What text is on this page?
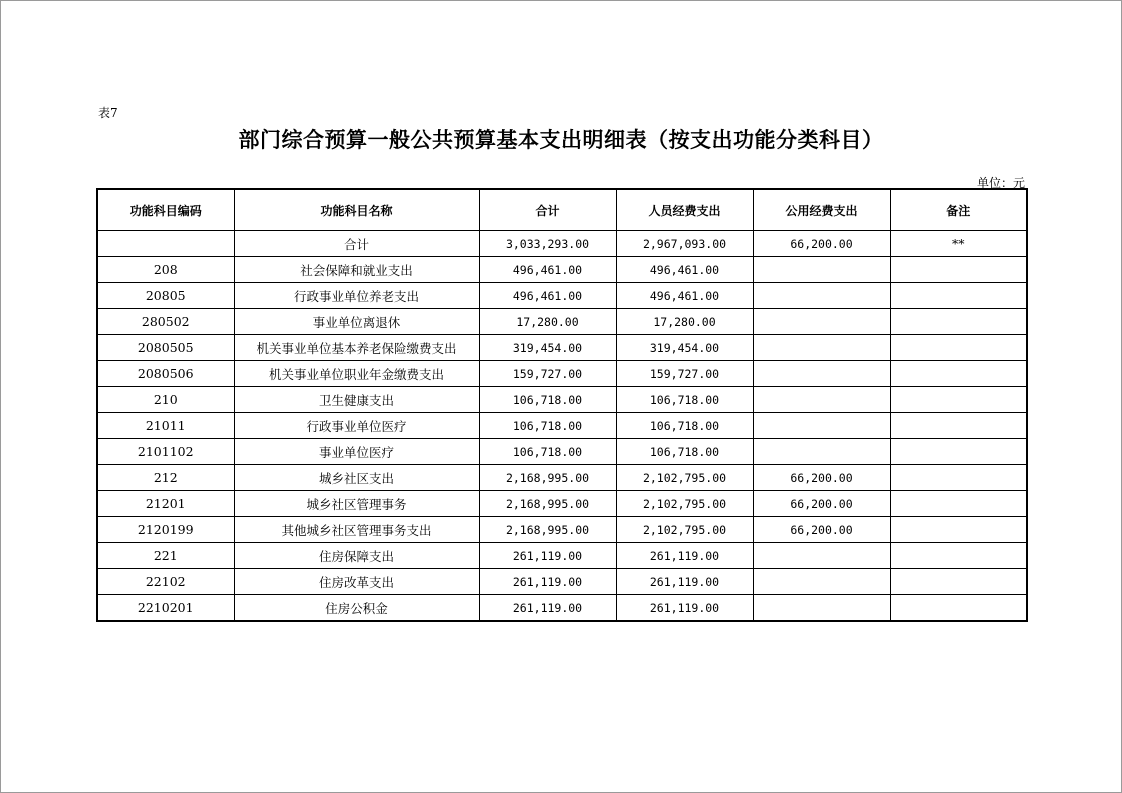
表7
部门综合预算一般公共预算基本支出明细表（按支出功能分类科目）
单位：元
功能科目编码	功能科目名称	合计	人员经费支出	公用经费支出	备注
	合计	3,033,293.00	2,967,093.00	66,200.00	**
208	社会保障和就业支出	496,461.00	496,461.00		
20805	行政事业单位养老支出	496,461.00	496,461.00		
280502	事业单位离退休	17,280.00	17,280.00		
2080505	机关事业单位基本养老保险缴费支出	319,454.00	319,454.00		
2080506	机关事业单位职业年金缴费支出	159,727.00	159,727.00		
210	卫生健康支出	106,718.00	106,718.00		
21011	行政事业单位医疗	106,718.00	106,718.00		
2101102	事业单位医疗	106,718.00	106,718.00		
212	城乡社区支出	2,168,995.00	2,102,795.00	66,200.00	
21201	城乡社区管理事务	2,168,995.00	2,102,795.00	66,200.00	
2120199	其他城乡社区管理事务支出	2,168,995.00	2,102,795.00	66,200.00	
221	住房保障支出	261,119.00	261,119.00		
22102	住房改革支出	261,119.00	261,119.00		
2210201	住房公积金	261,119.00	261,119.00		
